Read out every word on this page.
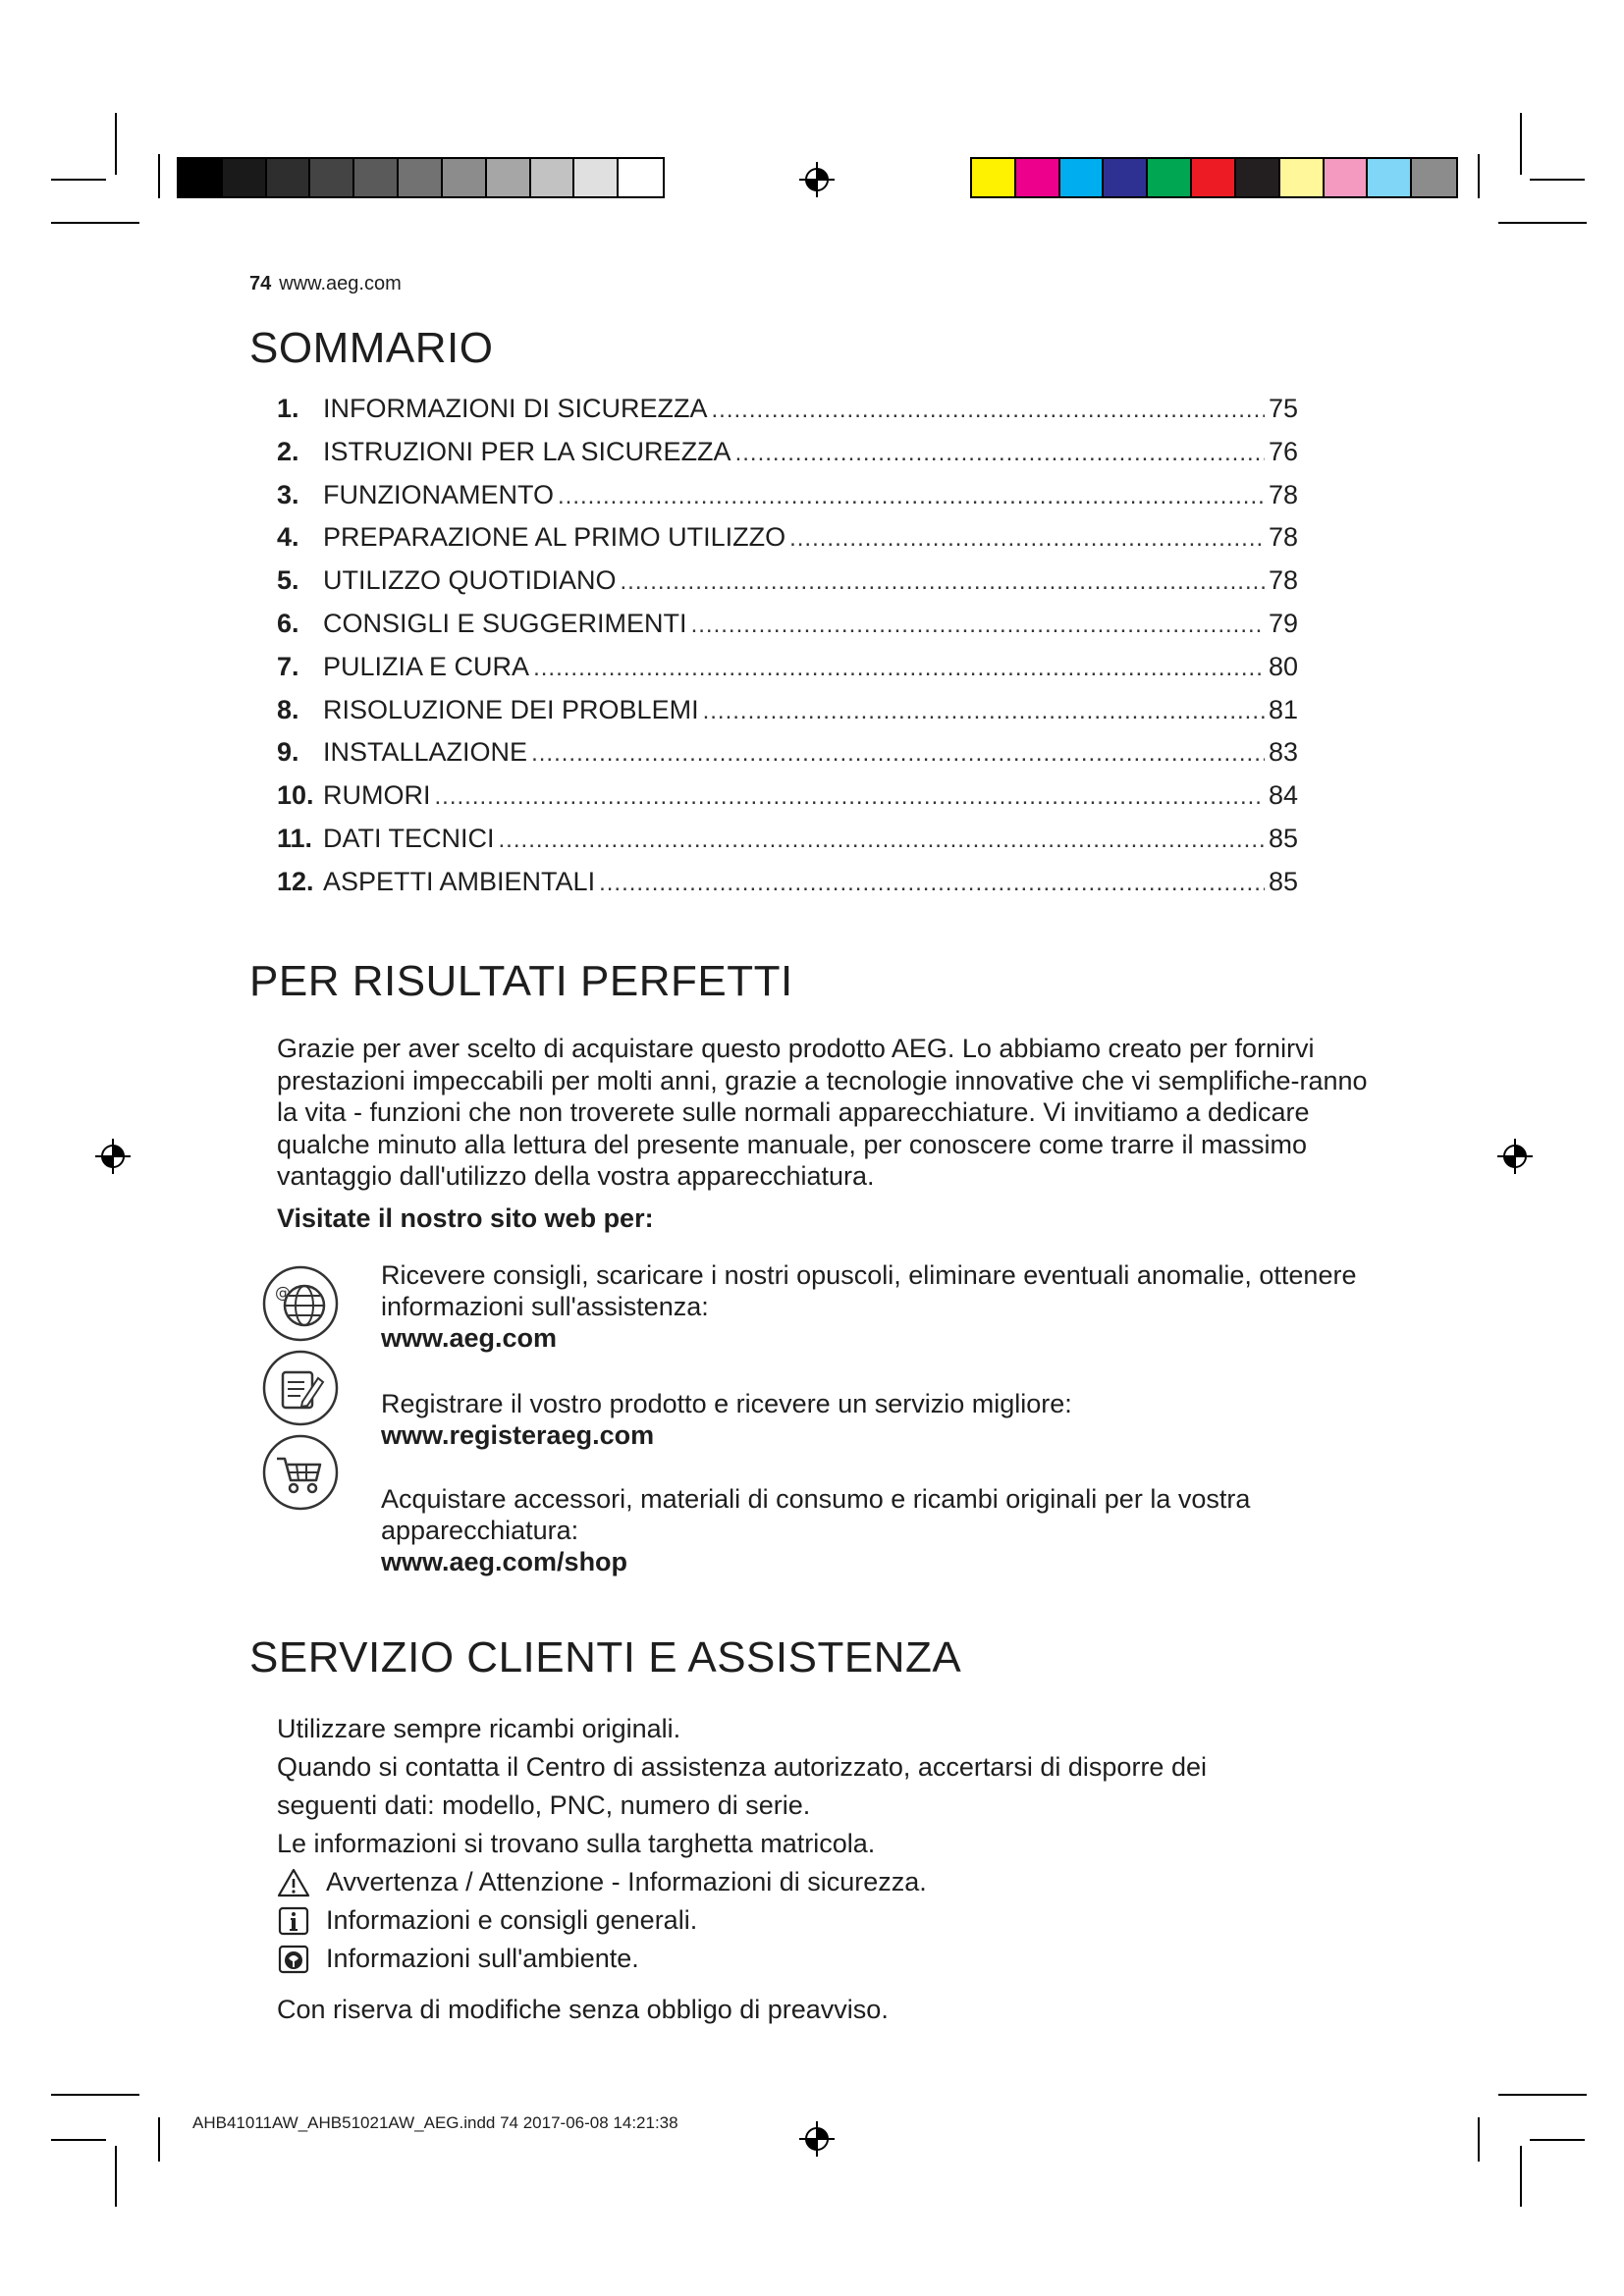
74 www.aeg.com
SOMMARIO
1. INFORMAZIONI DI SICUREZZA .....	75
2. ISTRUZIONI PER LA SICUREZZA .....	76
3. FUNZIONAMENTO .....	78
4. PREPARAZIONE AL PRIMO UTILIZZO .....	78
5. UTILIZZO QUOTIDIANO .....	78
6. CONSIGLI E SUGGERIMENTI .....	79
7. PULIZIA E CURA .....	80
8. RISOLUZIONE DEI PROBLEMI .....	81
9. INSTALLAZIONE .....	83
10. RUMORI .....	84
11. DATI TECNICI .....	85
12. ASPETTI AMBIENTALI .....	85
PER RISULTATI PERFETTI
Grazie per aver scelto di acquistare questo prodotto AEG. Lo abbiamo creato per fornirvi prestazioni impeccabili per molti anni, grazie a tecnologie innovative che vi semplifiche-ranno la vita - funzioni che non troverete sulle normali apparecchiature. Vi invitiamo a dedicare qualche minuto alla lettura del presente manuale, per conoscere come trarre il massimo vantaggio dall'utilizzo della vostra apparecchiatura.
Visitate il nostro sito web per:
@
Ricevere consigli, scaricare i nostri opuscoli, eliminare eventuali anomalie, ottenere informazioni sull'assistenza:
www.aeg.com
Registrare il vostro prodotto e ricevere un servizio migliore:
www.registeraeg.com
Acquistare accessori, materiali di consumo e ricambi originali per la vostra apparecchiatura:
www.aeg.com/shop
SERVIZIO CLIENTI E ASSISTENZA
Utilizzare sempre ricambi originali.
Quando si contatta il Centro di assistenza autorizzato, accertarsi di disporre dei
seguenti dati: modello, PNC, numero di serie.
Le informazioni si trovano sulla targhetta matricola.
Avvertenza / Attenzione - Informazioni di sicurezza.
Informazioni e consigli generali.
Informazioni sull'ambiente.
Con riserva di modifiche senza obbligo di preavviso.
AHB41011AW_AHB51021AW_AEG.indd 74 2017-06-08 14:21:38
